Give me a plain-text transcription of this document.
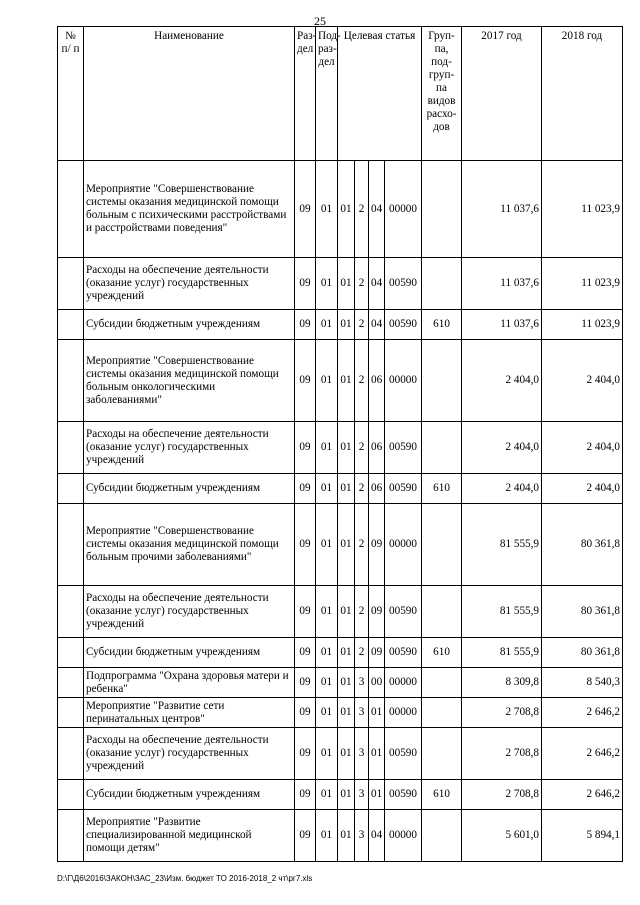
25
№ п/ п	Наименование	Раз-дел	Под-раз-дел	Целевая статья				Груп-па, под-груп-па видов расхо-дов	2017 год	2018 год
	Мероприятие "Совершенствование системы оказания медицинской помощи больным с психическими расстройствами и расстройствами поведения"	09	01	01	2	04	00000		11 037,6	11 023,9
	Расходы на обеспечение деятельности (оказание услуг) государственных учреждений	09	01	01	2	04	00590		11 037,6	11 023,9
	Субсидии бюджетным учреждениям	09	01	01	2	04	00590	610	11 037,6	11 023,9
	Мероприятие "Совершенствование системы оказания медицинской помощи больным онкологическими заболеваниями"	09	01	01	2	06	00000		2 404,0	2 404,0
	Расходы на обеспечение деятельности (оказание услуг) государственных учреждений	09	01	01	2	06	00590		2 404,0	2 404,0
	Субсидии бюджетным учреждениям	09	01	01	2	06	00590	610	2 404,0	2 404,0
	Мероприятие "Совершенствование системы оказания медицинской помощи больным прочими заболеваниями"	09	01	01	2	09	00000		81 555,9	80 361,8
	Расходы на обеспечение деятельности (оказание услуг) государственных учреждений	09	01	01	2	09	00590		81 555,9	80 361,8
	Субсидии бюджетным учреждениям	09	01	01	2	09	00590	610	81 555,9	80 361,8
	Подпрограмма "Охрана здоровья матери и ребенка"	09	01	01	3	00	00000		8 309,8	8 540,3
	Мероприятие "Развитие сети перинатальных центров"	09	01	01	3	01	00000		2 708,8	2 646,2
	Расходы на обеспечение деятельности (оказание услуг) государственных учреждений	09	01	01	3	01	00590		2 708,8	2 646,2
	Субсидии бюджетным учреждениям	09	01	01	3	01	00590	610	2 708,8	2 646,2
	Мероприятие "Развитие специализированной медицинской помощи детям"	09	01	01	3	04	00000		5 601,0	5 894,1
D:\Г\Д6\2016\ЗАКОН\ЗАС_23\Изм. бюджет ТО 2016-2018_2 чт\рг7.xls
